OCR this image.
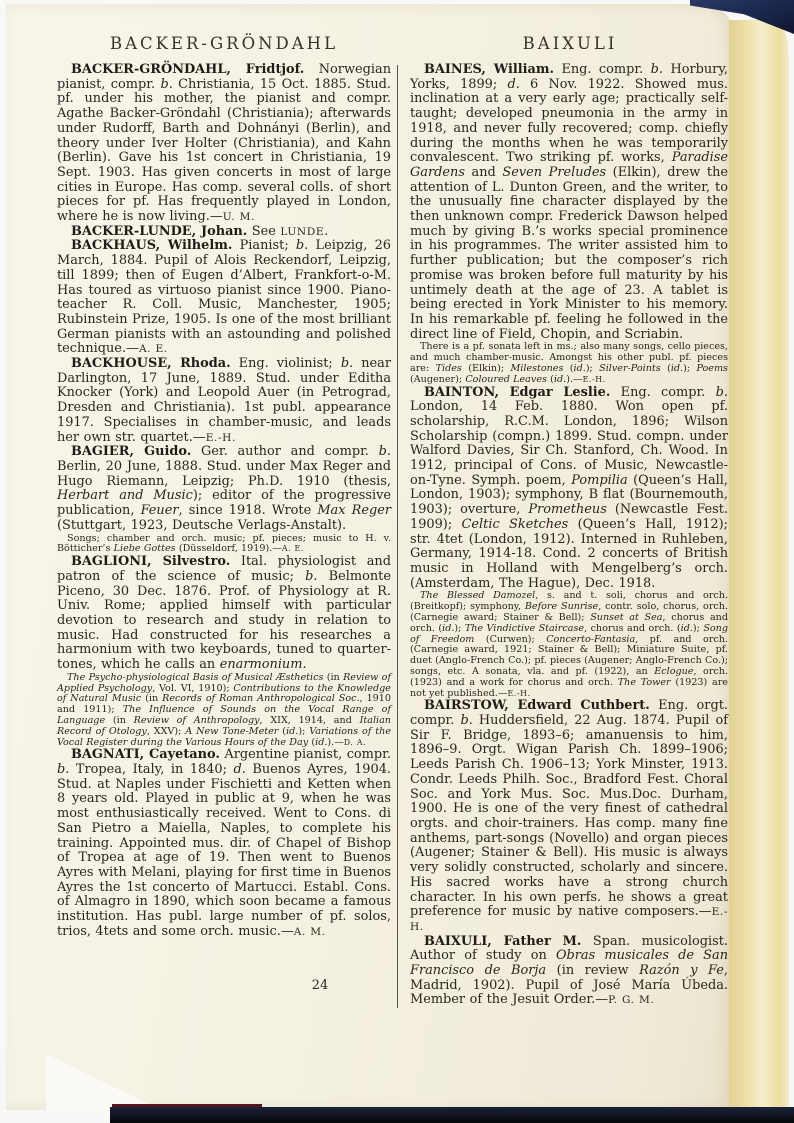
BACKER-GRÖNDAHL	BAIXULI

BACKER-GRÖNDAHL, Fridtjof. Norwegian pianist, compr. b. Christiania, 15 Oct. 1885. Stud. pf. under his mother, the pianist and compr. Agathe Backer-Gröndahl (Christiania); afterwards under Rudorff, Barth and Dohnányi (Berlin), and theory under Iver Holter (Christiania), and Kahn (Berlin). Gave his 1st concert in Christiania, 19 Sept. 1903. Has given concerts in most of large cities in Europe. Has comp. several colls. of short pieces for pf. Has frequently played in London, where he is now living.—U. M.

BACKER-LUNDE, Johan. See LUNDE.

BACKHAUS, Wilhelm. Pianist; b. Leipzig, 26 March, 1884. Pupil of Alois Reckendorf, Leipzig, till 1899; then of Eugen d’Albert, Frankfort-o-M. Has toured as virtuoso pianist since 1900. Piano-teacher R. Coll. Music, Manchester, 1905; Rubinstein Prize, 1905. Is one of the most brilliant German pianists with an astounding and polished technique.—A. E.

BACKHOUSE, Rhoda. Eng. violinist; b. near Darlington, 17 June, 1889. Stud. under Editha Knocker (York) and Leopold Auer (in Petrograd, Dresden and Christiania). 1st publ. appearance 1917. Specialises in chamber-music, and leads her own str. quartet.—E.-H.

BAGIER, Guido. Ger. author and compr. b. Berlin, 20 June, 1888. Stud. under Max Reger and Hugo Riemann, Leipzig; Ph.D. 1910 (thesis, Herbart and Music); editor of the progressive publication, Feuer, since 1918. Wrote Max Reger (Stuttgart, 1923, Deutsche Verlags-Anstalt).

Songs; chamber and orch. music; pf. pieces; music to H. v. Bötticher’s Liebe Gottes (Düsseldorf, 1919).—A. E.

BAGLIONI, Silvestro. Ital. physiologist and patron of the science of music; b. Belmonte Piceno, 30 Dec. 1876. Prof. of Physiology at R. Univ. Rome; applied himself with particular devotion to research and study in relation to music. Had constructed for his researches a harmonium with two keyboards, tuned to quarter-tones, which he calls an enarmonium.

The Psycho-physiological Basis of Musical Æsthetics (in Review of Applied Psychology, Vol. VI, 1910); Contributions to the Knowledge of Natural Music (in Records of Roman Anthropological Soc., 1910 and 1911); The Influence of Sounds on the Vocal Range of Language (in Review of Anthropology, XIX, 1914, and Italian Record of Otology, XXV); A New Tone-Meter (id.); Variations of the Vocal Register during the Various Hours of the Day (id.).—D. A.

BAGNATI, Cayetano. Argentine pianist, compr. b. Tropea, Italy, in 1840; d. Buenos Ayres, 1904. Stud. at Naples under Fischietti and Ketten when 8 years old. Played in public at 9, when he was most enthusiastically received. Went to Cons. di San Pietro a Maiella, Naples, to complete his training. Appointed mus. dir. of Chapel of Bishop of Tropea at age of 19. Then went to Buenos Ayres with Melani, playing for first time in Buenos Ayres the 1st concerto of Martucci. Establ. Cons. of Almagro in 1890, which soon became a famous institution. Has publ. large number of pf. solos, trios, 4tets and some orch. music.—A. M.

BAINES, William. Eng. compr. b. Horbury, Yorks, 1899; d. 6 Nov. 1922. Showed mus. inclination at a very early age; practically self-taught; developed pneumonia in the army in 1918, and never fully recovered; comp. chiefly during the months when he was temporarily convalescent. Two striking pf. works, Paradise Gardens and Seven Preludes (Elkin), drew the attention of L. Dunton Green, and the writer, to the unusually fine character displayed by the then unknown compr. Frederick Dawson helped much by giving B.’s works special prominence in his programmes. The writer assisted him to further publication; but the composer’s rich promise was broken before full maturity by his untimely death at the age of 23. A tablet is being erected in York Minister to his memory. In his remarkable pf. feeling he followed in the direct line of Field, Chopin, and Scriabin.

There is a pf. sonata left in ms.; also many songs, cello pieces, and much chamber-music. Amongst his other publ. pf. pieces are: Tides (Elkin); Milestones (id.); Silver-Points (id.); Poems (Augener); Coloured Leaves (id.).—E.-H.

BAINTON, Edgar Leslie. Eng. compr. b. London, 14 Feb. 1880. Won open pf. scholarship, R.C.M. London, 1896; Wilson Scholarship (compn.) 1899. Stud. compn. under Walford Davies, Sir Ch. Stanford, Ch. Wood. In 1912, principal of Cons. of Music, Newcastle-on-Tyne. Symph. poem, Pompilia (Queen’s Hall, London, 1903); symphony, B flat (Bournemouth, 1903); overture, Prometheus (Newcastle Fest. 1909); Celtic Sketches (Queen’s Hall, 1912); str. 4tet (London, 1912). Interned in Ruhleben, Germany, 1914-18. Cond. 2 concerts of British music in Holland with Mengelberg’s orch. (Amsterdam, The Hague), Dec. 1918.

The Blessed Damozel, s. and t. soli, chorus and orch. (Breitkopf); symphony, Before Sunrise, contr. solo, chorus, orch. (Carnegie award; Stainer & Bell); Sunset at Sea, chorus and orch. (id.); The Vindictive Staircase, chorus and orch. (id.); Song of Freedom (Curwen); Concerto-Fantasia, pf. and orch. (Carnegie award, 1921; Stainer & Bell); Miniature Suite, pf. duet (Anglo-French Co.); pf. pieces (Augener; Anglo-French Co.); songs, etc. A sonata, vla. and pf. (1922), an Eclogue, orch. (1923) and a work for chorus and orch. The Tower (1923) are not yet published.—E.-H.

BAIRSTOW, Edward Cuthbert. Eng. orgt. compr. b. Huddersfield, 22 Aug. 1874. Pupil of Sir F. Bridge, 1893–6; amanuensis to him, 1896–9. Orgt. Wigan Parish Ch. 1899–1906; Leeds Parish Ch. 1906–13; York Minster, 1913. Condr. Leeds Philh. Soc., Bradford Fest. Choral Soc. and York Mus. Soc. Mus.Doc. Durham, 1900. He is one of the very finest of cathedral orgts. and choir-trainers. Has comp. many fine anthems, part-songs (Novello) and organ pieces (Augener; Stainer & Bell). His music is always very solidly constructed, scholarly and sincere. His sacred works have a strong church character. In his own perfs. he shows a great preference for music by native composers.—E.-H.

BAIXULI, Father M. Span. musicologist. Author of study on Obras musicales de San Francisco de Borja (in review Razón y Fe, Madrid, 1902). Pupil of José María Úbeda. Member of the Jesuit Order.—P. G. M.

24
